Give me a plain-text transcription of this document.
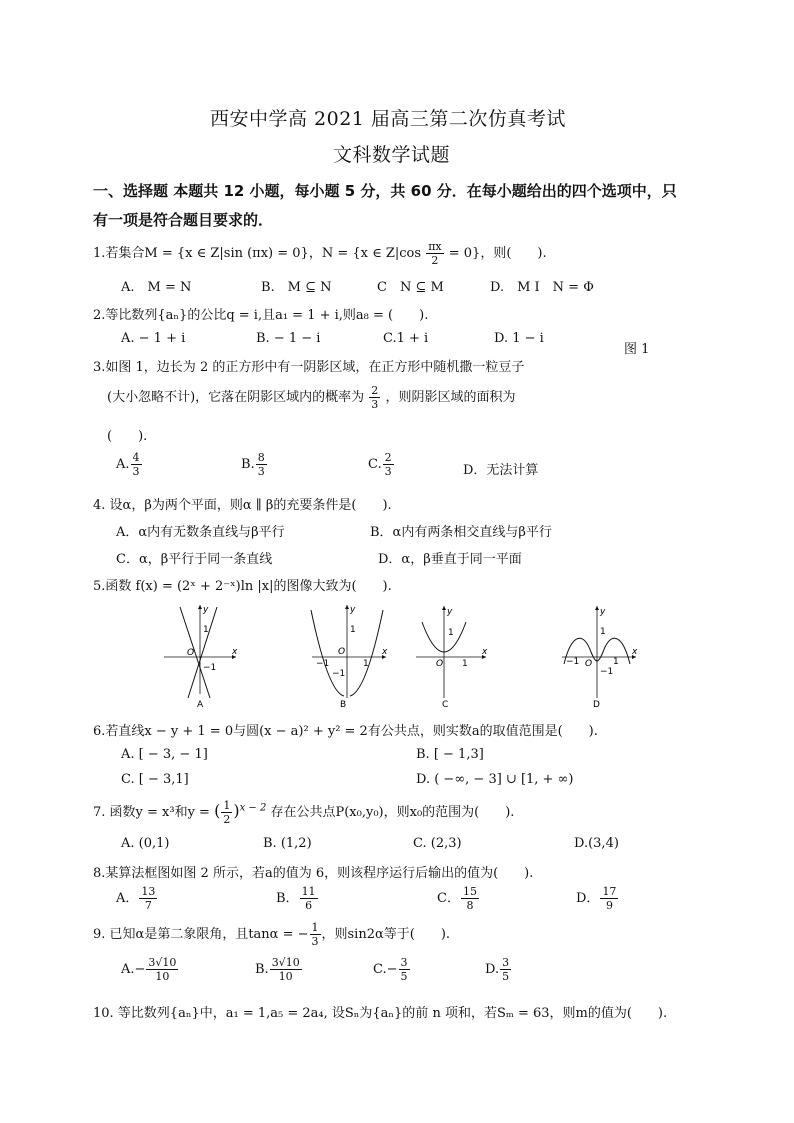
西安中学高 2021 届高三第二次仿真考试
文科数学试题
一、选择题 本题共 12 小题，每小题 5 分，共 60 分．在每小题给出的四个选项中，只
有一项是符合题目要求的．
1.若集合M = {x ∈ Z|sin (πx) = 0}，N = {x ∈ $Z|\cos \frac{\pi x}{2} = 0$}，则(　　).
A.　M = N	B.　M ⊆ N	C　N ⊆ M	D.　M I　N = Φ
2.等比数列{aₙ}的公比q = i,且a₁ = 1 + i,则a₈ = (　　).
A. − 1 + i	B. − 1 − i	C.1 + i	D. 1 − i
图 1
3.如图 1，边长为 2 的正方形中有一阴影区域，在正方形中随机撒一粒豆子
(大小忽略不计)，它落在阴影区域内的概率为 $\frac{2}{3}$ ，则阴影区域的面积为
(　　).
A. $\frac{4}{3}$	B. $\frac{8}{3}$	C. $\frac{2}{3}$	D．无法计算
4. 设α，β为两个平面，则α ∥ β的充要条件是(　　).
A．α内有无数条直线与β平行	B．α内有两条相交直线与β平行
C．α，β平行于同一条直线	D．α，β垂直于同一平面
5.函数 f(x) = (2ˣ + 2⁻ˣ)ln |x|的图像大致为(　　).
y
x
O
1
−1
A
y
x
O
1
−1	1
−1
B
y
x
O
1
1
C
y
x
O
1
−1	1
−1
D
6.若直线x − y + 1 = 0与圆(x − a)² + y² = 2有公共点，则实数a的取值范围是(　　).
A. [ − 3, − 1]	B. [ − 1,3]
C. [ − 3,1]	D. ( −∞, − 3] ∪ [1, + ∞)
7. 函数y = x³和y = ( $\frac{1}{2} )^{x - 2}$ 存在公共点P(x₀,y₀)，则x₀的范围为(　　).
A. (0,1)	B. (1,2)	C. (2,3)	D.(3,4)
8.某算法框图如图 2 所示，若a的值为 6，则该程序运行后输出的值为(　　).
A． $\frac{13}{7}$	B． $\frac{11}{6}$	C． $\frac{15}{8}$	D． $\frac{17}{9}$
9. 已知α是第二象限角，且tanα = − $\frac{1}{3}$ ，则sin2α等于(　　).
$A.- \frac{3√10}{10}$	B. $\frac{3√10}{10}$	$C.- \frac{3}{5}$	D. $\frac{3}{5}$
10. 等比数列{aₙ}中，a₁ = 1,a₅ = 2a₄, 设Sₙ为{aₙ}的前 n 项和，若Sₘ = 63，则m的值为(　　).
